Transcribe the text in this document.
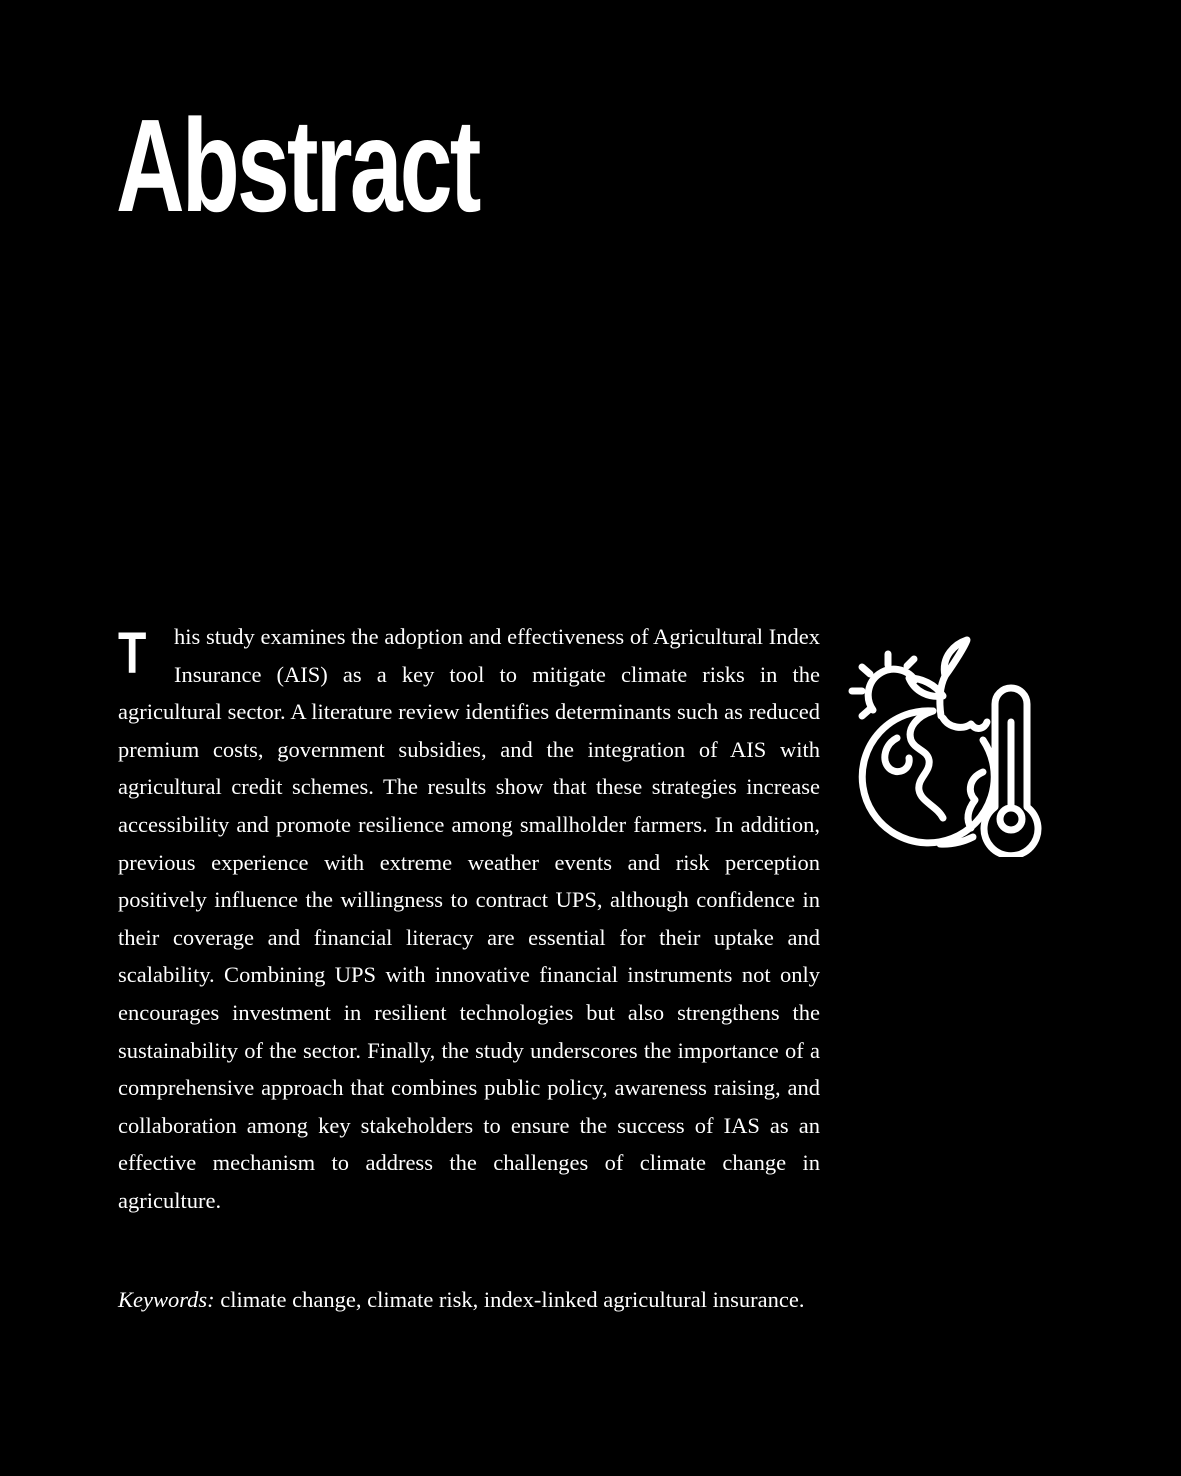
Abstract

T his study examines the adoption and effectiveness of Agricultural Index Insurance (AIS) as a key tool to mitigate climate risks in the agricultural sector. A literature review identifies determinants such as reduced premium costs, government subsidies, and the integration of AIS with agricultural credit schemes. The results show that these strategies increase accessibility and promote resilience among smallholder farmers. In addition, previous experience with extreme weather events and risk perception positively influence the willingness to contract UPS, although confidence in their coverage and financial literacy are essential for their uptake and scalability. Combining UPS with innovative financial instruments not only encourages investment in resilient technologies but also strengthens the sustainability of the sector. Finally, the study underscores the importance of a comprehensive approach that combines public policy, awareness raising, and collaboration among key stakeholders to ensure the success of IAS as an effective mechanism to address the challenges of climate change in agriculture.

Keywords: climate change, climate risk, index-linked agricultural insurance.
